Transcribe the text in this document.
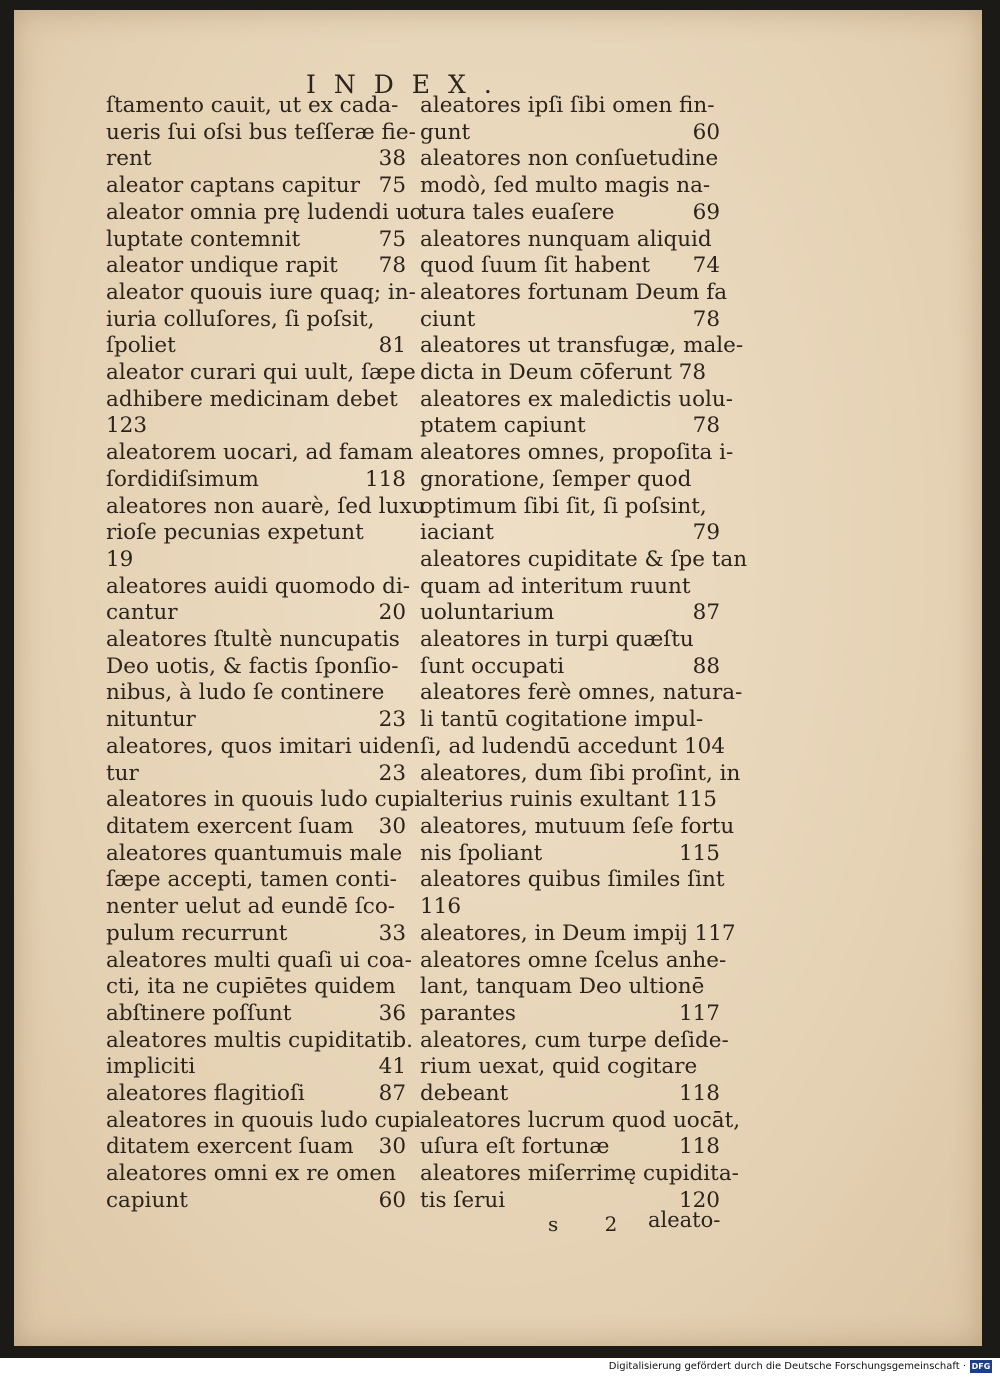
INDEX.
ſtamento cauit, ut ex cada-
ueris ſui oſsi bus teſſeræ fie-
rent	38
aleator captans capitur 75
aleator omnia prę ludendi uo
luptate contemnit	75
aleator undique rapit 78
aleator quouis iure quaq; in-
iuria colluſores, ſi poſsit,
ſpoliet	81
aleator curari qui uult, ſæpe
adhibere medicinam debet
123
aleatorem uocari, ad famam
ſordidiſsimum	118
aleatores non auarè, ſed luxu
rioſe pecunias expetunt
19
aleatores auidi quomodo di-
cantur	20
aleatores ſtultè nuncupatis
Deo uotis, & factis ſponſio-
nibus, à ludo ſe continere
nituntur	23
aleatores, quos imitari uiden
tur	23
aleatores in quouis ludo cupi
ditatem exercent ſuam 30
aleatores quantumuis male
ſæpe accepti, tamen conti-
nenter uelut ad eundē ſco-
pulum recurrunt	33
aleatores multi quaſi ui coa-
cti, ita ne cupiētes quidem
abſtinere poſſunt	36
aleatores multis cupiditatib.
impliciti	41
aleatores flagitioſi	87
aleatores in quouis ludo cupi
ditatem exercent ſuam 30
aleatores omni ex re omen
capiunt	60
aleatores ipſi ſibi omen fin-
gunt	60
aleatores non conſuetudine
modò, ſed multo magis na-
tura tales euaſere	69
aleatores nunquam aliquid
quod ſuum ſit habent 74
aleatores fortunam Deum fa
ciunt	78
aleatores ut transfugæ, male-
dicta in Deum cōferunt 78
aleatores ex maledictis uolu-
ptatem capiunt	78
aleatores omnes, propoſita i-
gnoratione, ſemper quod
optimum ſibi ſit, ſi poſsint,
iaciant	79
aleatores cupiditate & ſpe tan
quam ad interitum ruunt
uoluntarium	87
aleatores in turpi quæſtu
ſunt occupati	88
aleatores ferè omnes, natura-
li tantū cogitatione impul-
ſi, ad ludendū accedunt 104
aleatores, dum ſibi proſint, in
alterius ruinis exultant 115
aleatores, mutuum ſeſe fortu
nis ſpoliant	115
aleatores quibus ſimiles ſint
116
aleatores, in Deum impij 117
aleatores omne ſcelus anhe-
lant, tanquam Deo ultionē
parantes	117
aleatores, cum turpe deſide-
rium uexat, quid cogitare
debeant	118
aleatores lucrum quod uocāt,
uſura eſt fortunæ	118
aleatores miſerrimę cupidita-
tis ſerui	120
s 2 aleato-
Digitalisierung gefördert durch die Deutsche Forschungsgemeinschaft · DFG
